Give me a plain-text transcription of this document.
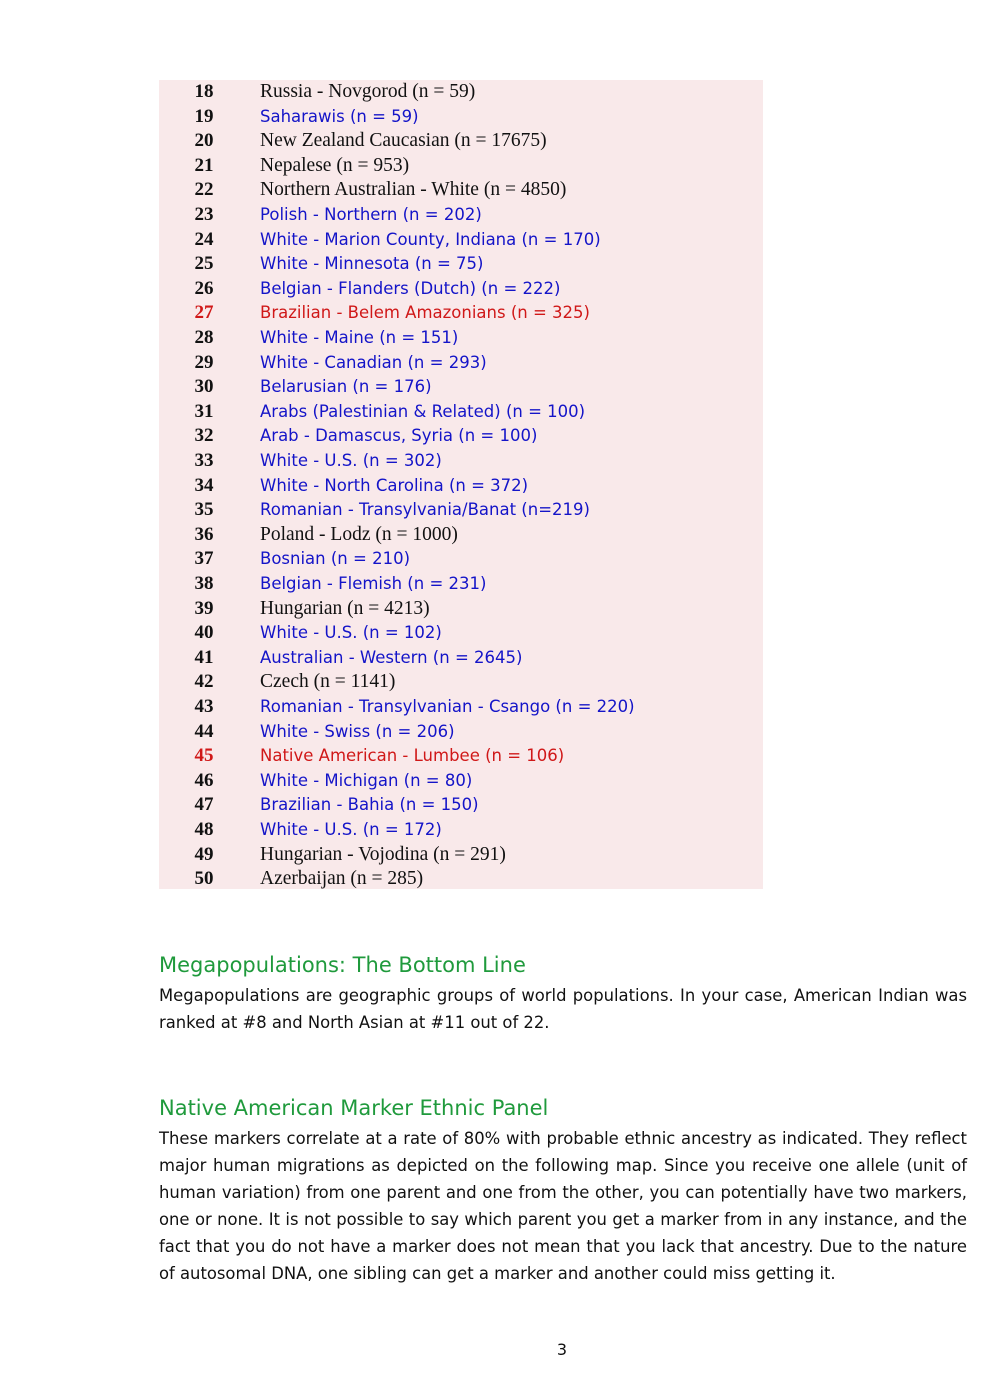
18	Russia - Novgorod (n = 59)
19	Saharawis (n = 59)
20	New Zealand Caucasian (n = 17675)
21	Nepalese (n = 953)
22	Northern Australian - White (n = 4850)
23	Polish - Northern (n = 202)
24	White - Marion County, Indiana (n = 170)
25	White - Minnesota (n = 75)
26	Belgian - Flanders (Dutch) (n = 222)
27	Brazilian - Belem Amazonians (n = 325)
28	White - Maine (n = 151)
29	White - Canadian (n = 293)
30	Belarusian (n = 176)
31	Arabs (Palestinian & Related) (n = 100)
32	Arab - Damascus, Syria (n = 100)
33	White - U.S. (n = 302)
34	White - North Carolina (n = 372)
35	Romanian - Transylvania/Banat (n=219)
36	Poland - Lodz (n = 1000)
37	Bosnian (n = 210)
38	Belgian - Flemish (n = 231)
39	Hungarian (n = 4213)
40	White - U.S. (n = 102)
41	Australian - Western (n = 2645)
42	Czech (n = 1141)
43	Romanian - Transylvanian - Csango (n = 220)
44	White - Swiss (n = 206)
45	Native American - Lumbee (n = 106)
46	White - Michigan (n = 80)
47	Brazilian - Bahia (n = 150)
48	White - U.S. (n = 172)
49	Hungarian - Vojodina (n = 291)
50	Azerbaijan (n = 285)
Megapopulations: The Bottom Line

Megapopulations are geographic groups of world populations. In your case, American Indian was ranked at #8 and North Asian at #11 out of 22.

Native American Marker Ethnic Panel

These markers correlate at a rate of 80% with probable ethnic ancestry as indicated. They reflect major human migrations as depicted on the following map. Since you receive one allele (unit of human variation) from one parent and one from the other, you can potentially have two markers, one or none. It is not possible to say which parent you get a marker from in any instance, and the fact that you do not have a marker does not mean that you lack that ancestry. Due to the nature of autosomal DNA, one sibling can get a marker and another could miss getting it.

3
